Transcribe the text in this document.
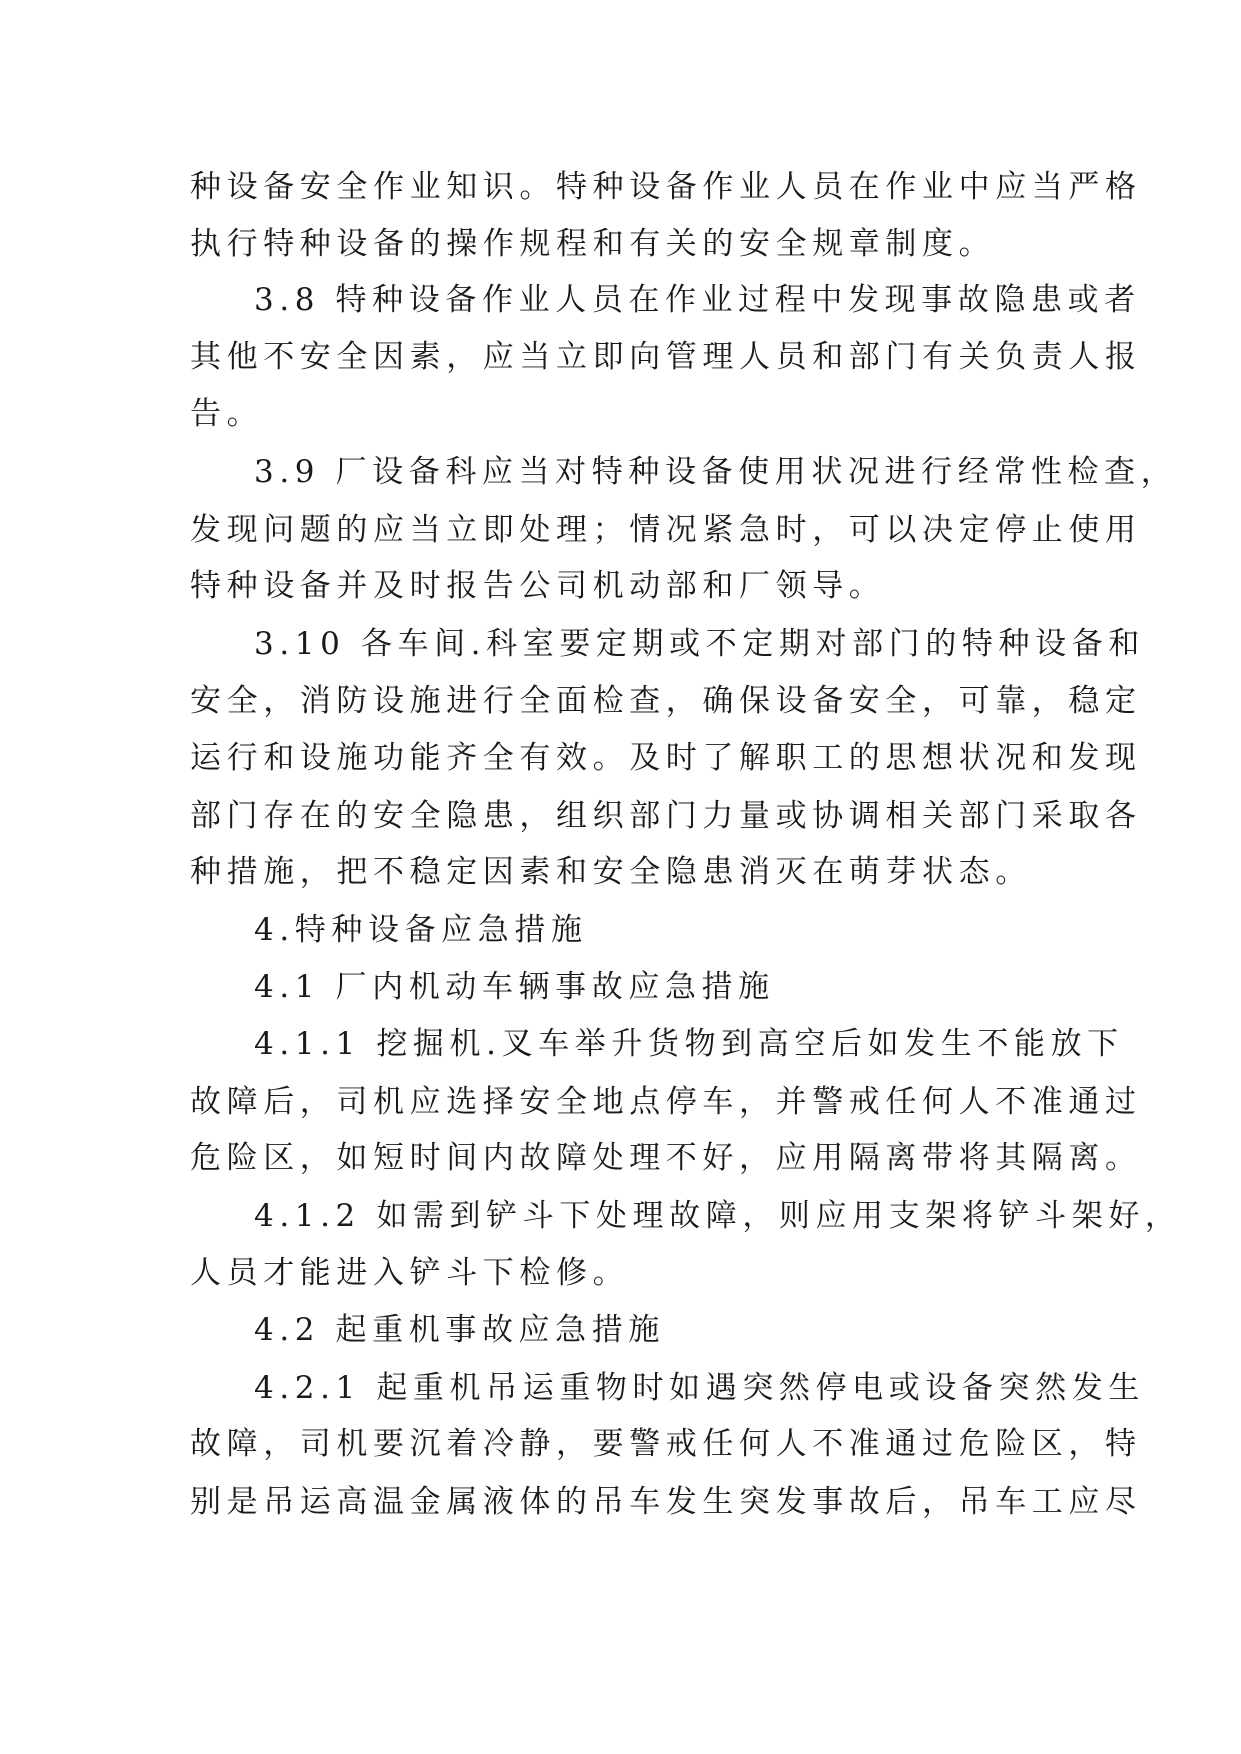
种设备安全作业知识。特种设备作业人员在作业中应当严格
执行特种设备的操作规程和有关的安全规章制度。
3.8 特种设备作业人员在作业过程中发现事故隐患或者
其他不安全因素，应当立即向管理人员和部门有关负责人报
告。
3.9 厂设备科应当对特种设备使用状况进行经常性检查，
发现问题的应当立即处理；情况紧急时，可以决定停止使用
特种设备并及时报告公司机动部和厂领导。
3.10 各车间.科室要定期或不定期对部门的特种设备和
安全，消防设施进行全面检查，确保设备安全，可靠，稳定
运行和设施功能齐全有效。及时了解职工的思想状况和发现
部门存在的安全隐患，组织部门力量或协调相关部门采取各
种措施，把不稳定因素和安全隐患消灭在萌芽状态。
4.特种设备应急措施
4.1 厂内机动车辆事故应急措施
4.1.1 挖掘机.叉车举升货物到高空后如发生不能放下
故障后，司机应选择安全地点停车，并警戒任何人不准通过
危险区，如短时间内故障处理不好，应用隔离带将其隔离。
4.1.2 如需到铲斗下处理故障，则应用支架将铲斗架好，
人员才能进入铲斗下检修。
4.2 起重机事故应急措施
4.2.1 起重机吊运重物时如遇突然停电或设备突然发生
故障，司机要沉着冷静，要警戒任何人不准通过危险区，特
别是吊运高温金属液体的吊车发生突发事故后，吊车工应尽
